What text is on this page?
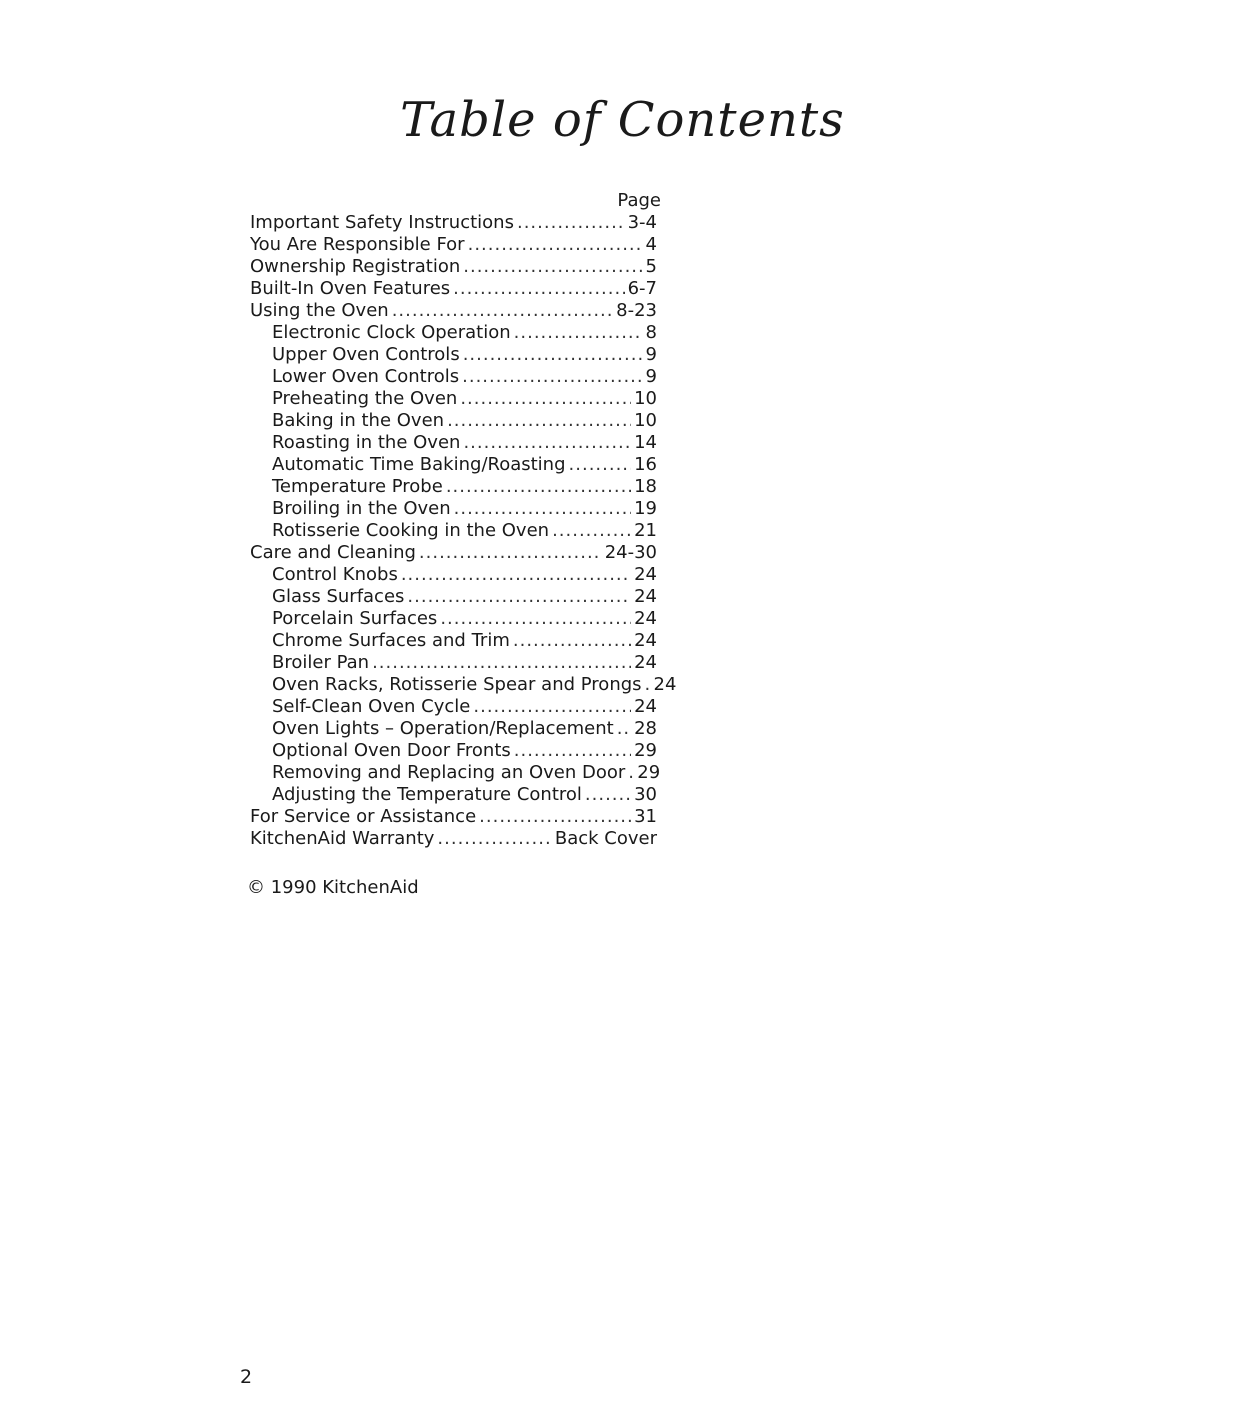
Table of Contents
Page
Important Safety Instructions .....	3-4
You Are Responsible For .....	4
Ownership Registration .....	5
Built-In Oven Features .....	6-7
Using the Oven .....	8-23
Electronic Clock Operation .....	8
Upper Oven Controls .....	9
Lower Oven Controls .....	9
Preheating the Oven .....	10
Baking in the Oven .....	10
Roasting in the Oven .....	14
Automatic Time Baking/Roasting .....	16
Temperature Probe .....	18
Broiling in the Oven .....	19
Rotisserie Cooking in the Oven .....	21
Care and Cleaning .....	24-30
Control Knobs .....	24
Glass Surfaces .....	24
Porcelain Surfaces .....	24
Chrome Surfaces and Trim .....	24
Broiler Pan .....	24
Oven Racks, Rotisserie Spear and Prongs ..... 24
Self-Clean Oven Cycle .....	24
Oven Lights – Operation/Replacement ..... 28
Optional Oven Door Fronts .....	29
Removing and Replacing an Oven Door ..... 29
Adjusting the Temperature Control .....	30
For Service or Assistance .....	31
KitchenAid Warranty .....	Back Cover
© 1990 KitchenAid
2
